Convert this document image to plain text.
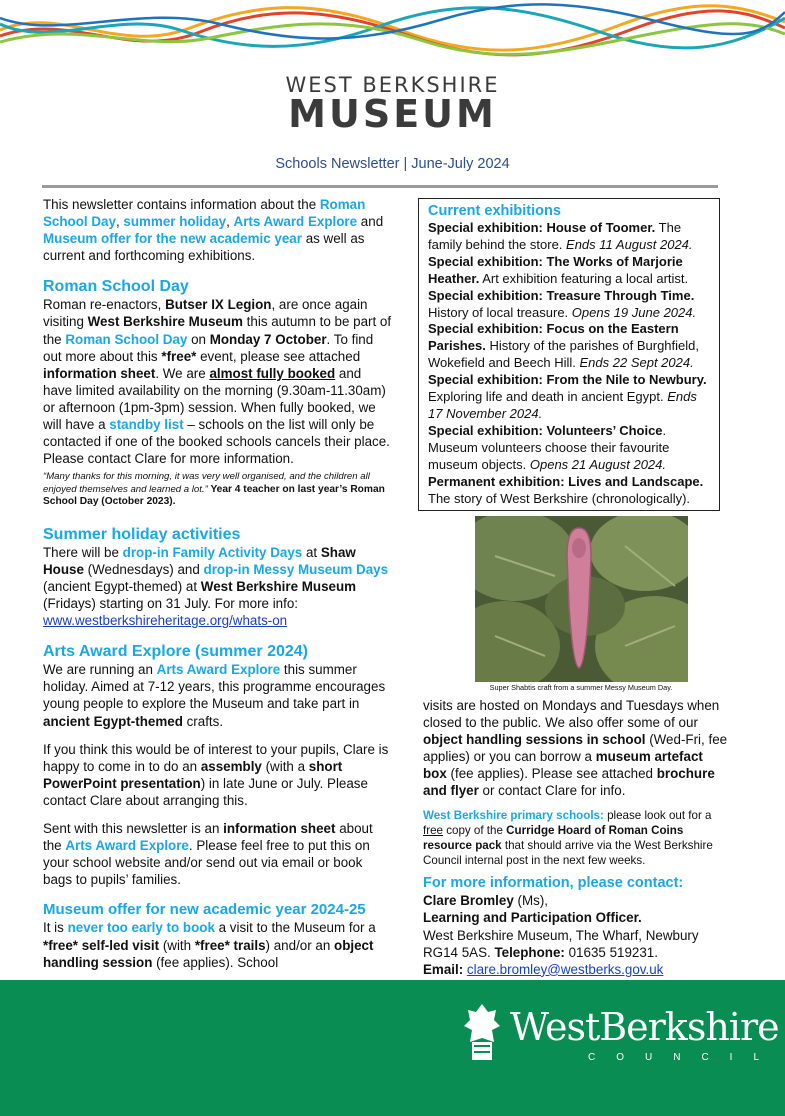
WEST BERKSHIRE
MUSEUM
Schools Newsletter | June-July 2024

This newsletter contains information about the Roman School Day, summer holiday, Arts Award Explore and Museum offer for the new academic year as well as current and forthcoming exhibitions.

Roman School Day

Roman re-enactors, Butser IX Legion, are once again visiting West Berkshire Museum this autumn to be part of the Roman School Day on Monday 7 October. To find out more about this *free* event, please see attached information sheet. We are almost fully booked and have limited availability on the morning (9.30am-11.30am) or afternoon (1pm-3pm) session. When fully booked, we will have a standby list – schools on the list will only be contacted if one of the booked schools cancels their place. Please contact Clare for more information.

“Many thanks for this morning, it was very well organised, and the children all enjoyed themselves and learned a lot.” Year 4 teacher on last year’s Roman School Day (October 2023).

Summer holiday activities

There will be drop-in Family Activity Days at Shaw House (Wednesdays) and drop-in Messy Museum Days (ancient Egypt-themed) at West Berkshire Museum (Fridays) starting on 31 July. For more info: www.westberkshireheritage.org/whats-on

Arts Award Explore (summer 2024)

We are running an Arts Award Explore this summer holiday. Aimed at 7-12 years, this programme encourages young people to explore the Museum and take part in ancient Egypt-themed crafts.

If you think this would be of interest to your pupils, Clare is happy to come in to do an assembly (with a short PowerPoint presentation) in late June or July. Please contact Clare about arranging this.

Sent with this newsletter is an information sheet about the Arts Award Explore. Please feel free to put this on your school website and/or send out via email or book bags to pupils’ families.

Museum offer for new academic year 2024-25

It is never too early to book a visit to the Museum for a *free* self-led visit (with *free* trails) and/or an object handling session (fee applies). School

Current exhibitions
Special exhibition: House of Toomer. The family behind the store. Ends 11 August 2024.
Special exhibition: The Works of Marjorie Heather. Art exhibition featuring a local artist.
Special exhibition: Treasure Through Time. History of local treasure. Opens 19 June 2024.
Special exhibition: Focus on the Eastern Parishes. History of the parishes of Burghfield, Wokefield and Beech Hill. Ends 22 Sept 2024.
Special exhibition: From the Nile to Newbury. Exploring life and death in ancient Egypt. Ends 17 November 2024.
Special exhibition: Volunteers’ Choice. Museum volunteers choose their favourite museum objects. Opens 21 August 2024.
Permanent exhibition: Lives and Landscape. The story of West Berkshire (chronologically).
Super Shabtis craft from a summer Messy Museum Day.

visits are hosted on Mondays and Tuesdays when closed to the public. We also offer some of our object handling sessions in school (Wed-Fri, fee applies) or you can borrow a museum artefact box (fee applies). Please see attached brochure and flyer or contact Clare for info.

West Berkshire primary schools: please look out for a free copy of the Curridge Hoard of Roman Coins resource pack that should arrive via the West Berkshire Council internal post in the next few weeks.

For more information, please contact:

Clare Bromley (Ms),
Learning and Participation Officer.
West Berkshire Museum, The Wharf, Newbury
RG14 5AS. Telephone: 01635 519231.
Email: clare.bromley@westberks.gov.uk

WestBerkshire
COUNCIL
